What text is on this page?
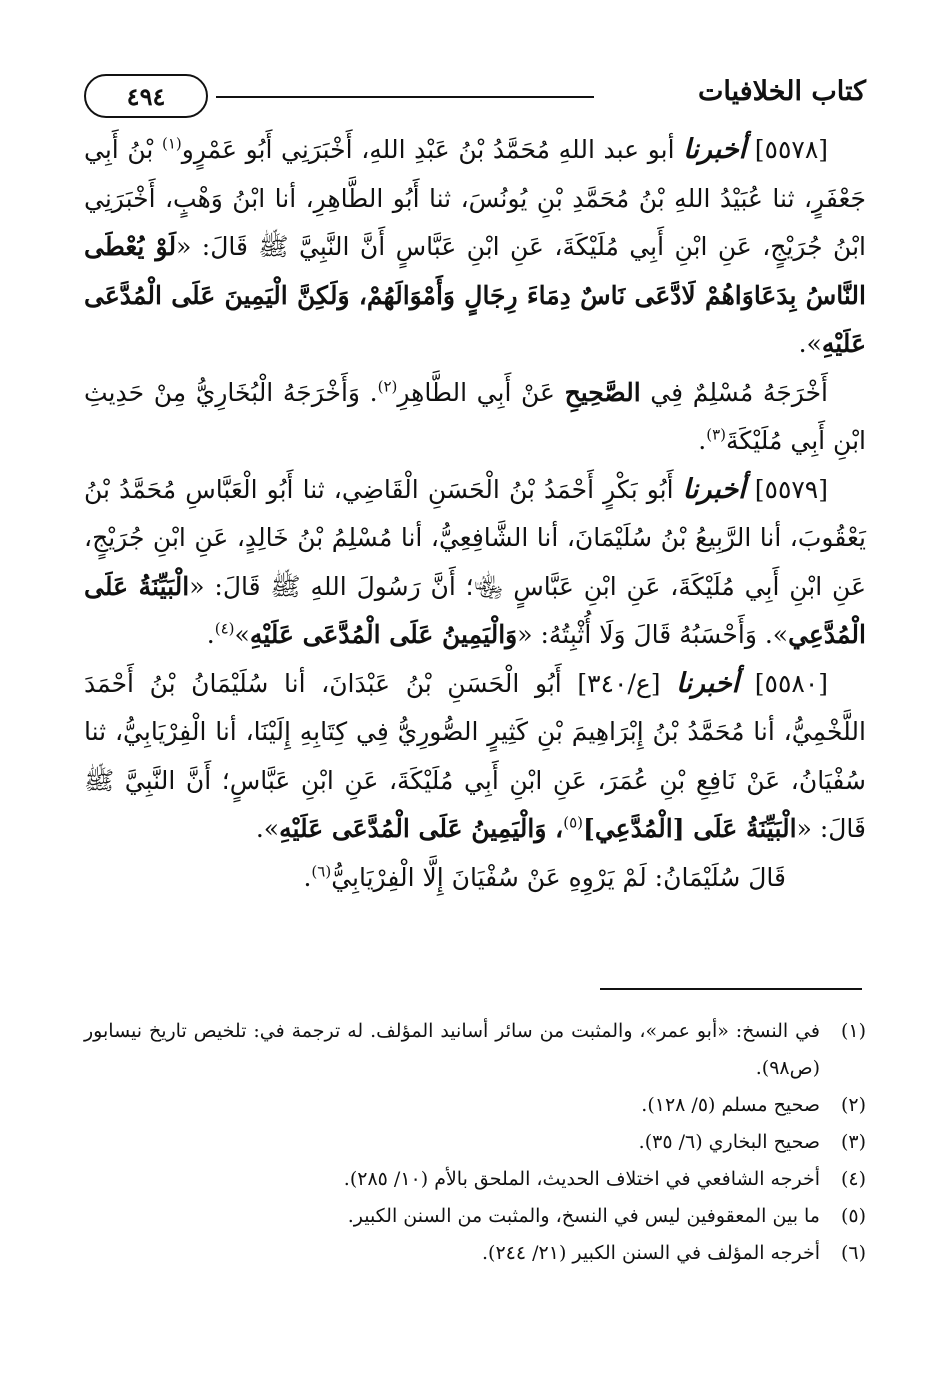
كتاب الخلافيات
٤٩٤

[٥٥٧٨] أخبرنا أبو عبد اللهِ مُحَمَّدُ بْنُ عَبْدِ اللهِ، أَخْبَرَنِي أَبُو عَمْرٍو$^{(١)}$ بْنُ أَبِي جَعْفَرٍ، ثنا عُبَيْدُ اللهِ بْنُ مُحَمَّدِ بْنِ يُونُسَ، ثنا أَبُو الطَّاهِرِ، أنا ابْنُ وَهْبٍ، أَخْبَرَنِي ابْنُ جُرَيْجٍ، عَنِ ابْنِ أَبِي مُلَيْكَةَ، عَنِ ابْنِ عَبَّاسٍ أَنَّ النَّبِيَّ ﷺ قَالَ: «لَوْ يُعْطَى النَّاسُ بِدَعَاوَاهُمْ لَادَّعَى نَاسٌ دِمَاءَ رِجَالٍ وَأَمْوَالَهُمْ، وَلَكِنَّ الْيَمِينَ عَلَى الْمُدَّعَى عَلَيْهِ».

أَخْرَجَهُ مُسْلِمٌ فِي الصَّحِيحِ عَنْ أَبِي الطَّاهِرِ$^{(٢)}$. وَأَخْرَجَهُ الْبُخَارِيُّ مِنْ حَدِيثِ ابْنِ أَبِي مُلَيْكَةَ$^{(٣)}$.

[٥٥٧٩] أخبرنا أَبُو بَكْرٍ أَحْمَدُ بْنُ الْحَسَنِ الْقَاضِي، ثنا أَبُو الْعَبَّاسِ مُحَمَّدُ بْنُ يَعْقُوبَ، أنا الرَّبِيعُ بْنُ سُلَيْمَانَ، أنا الشَّافِعِيُّ، أنا مُسْلِمُ بْنُ خَالِدٍ، عَنِ ابْنِ جُرَيْجٍ، عَنِ ابْنِ أَبِي مُلَيْكَةَ، عَنِ ابْنِ عَبَّاسٍ ﵄؛ أَنَّ رَسُولَ اللهِ ﷺ قَالَ: «الْبَيِّنَةُ عَلَى الْمُدَّعِي». وَأَحْسَبُهُ قَالَ وَلَا أُثْبِتُهُ: «وَالْيَمِينُ عَلَى الْمُدَّعَى عَلَيْهِ»$^{(٤)}$.

[٥٥٨٠] أخبرنا [ع/٣٤٠] أَبُو الْحَسَنِ بْنُ عَبْدَانَ، أنا سُلَيْمَانُ بْنُ أَحْمَدَ اللَّخْمِيُّ، أنا مُحَمَّدُ بْنُ إِبْرَاهِيمَ بْنِ كَثِيرٍ الصُّورِيُّ فِي كِتَابِهِ إِلَيْنَا، أنا الْفِرْيَابِيُّ، ثنا سُفْيَانُ، عَنْ نَافِعِ بْنِ عُمَرَ، عَنِ ابْنِ أَبِي مُلَيْكَةَ، عَنِ ابْنِ عَبَّاسٍ؛ أَنَّ النَّبِيَّ ﷺ قَالَ: «الْبَيِّنَةُ عَلَى [الْمُدَّعِي]$^{(٥)}$، وَالْيَمِينُ عَلَى الْمُدَّعَى عَلَيْهِ».

قَالَ سُلَيْمَانُ: لَمْ يَرْوِهِ عَنْ سُفْيَانَ إِلَّا الْفِرْيَابِيُّ$^{(٦)}$.

(١)
في النسخ: «أبو عمر»، والمثبت من سائر أسانيد المؤلف. له ترجمة في: تلخيص تاريخ نيسابور (ص٩٨).
(٢)
صحيح مسلم (٥/ ١٢٨).
(٣)
صحيح البخاري (٦/ ٣٥).
(٤)
أخرجه الشافعي في اختلاف الحديث، الملحق بالأم (١٠/ ٢٨٥).
(٥)
ما بين المعقوفين ليس في النسخ، والمثبت من السنن الكبير.
(٦)
أخرجه المؤلف في السنن الكبير (٢١/ ٢٤٤).
